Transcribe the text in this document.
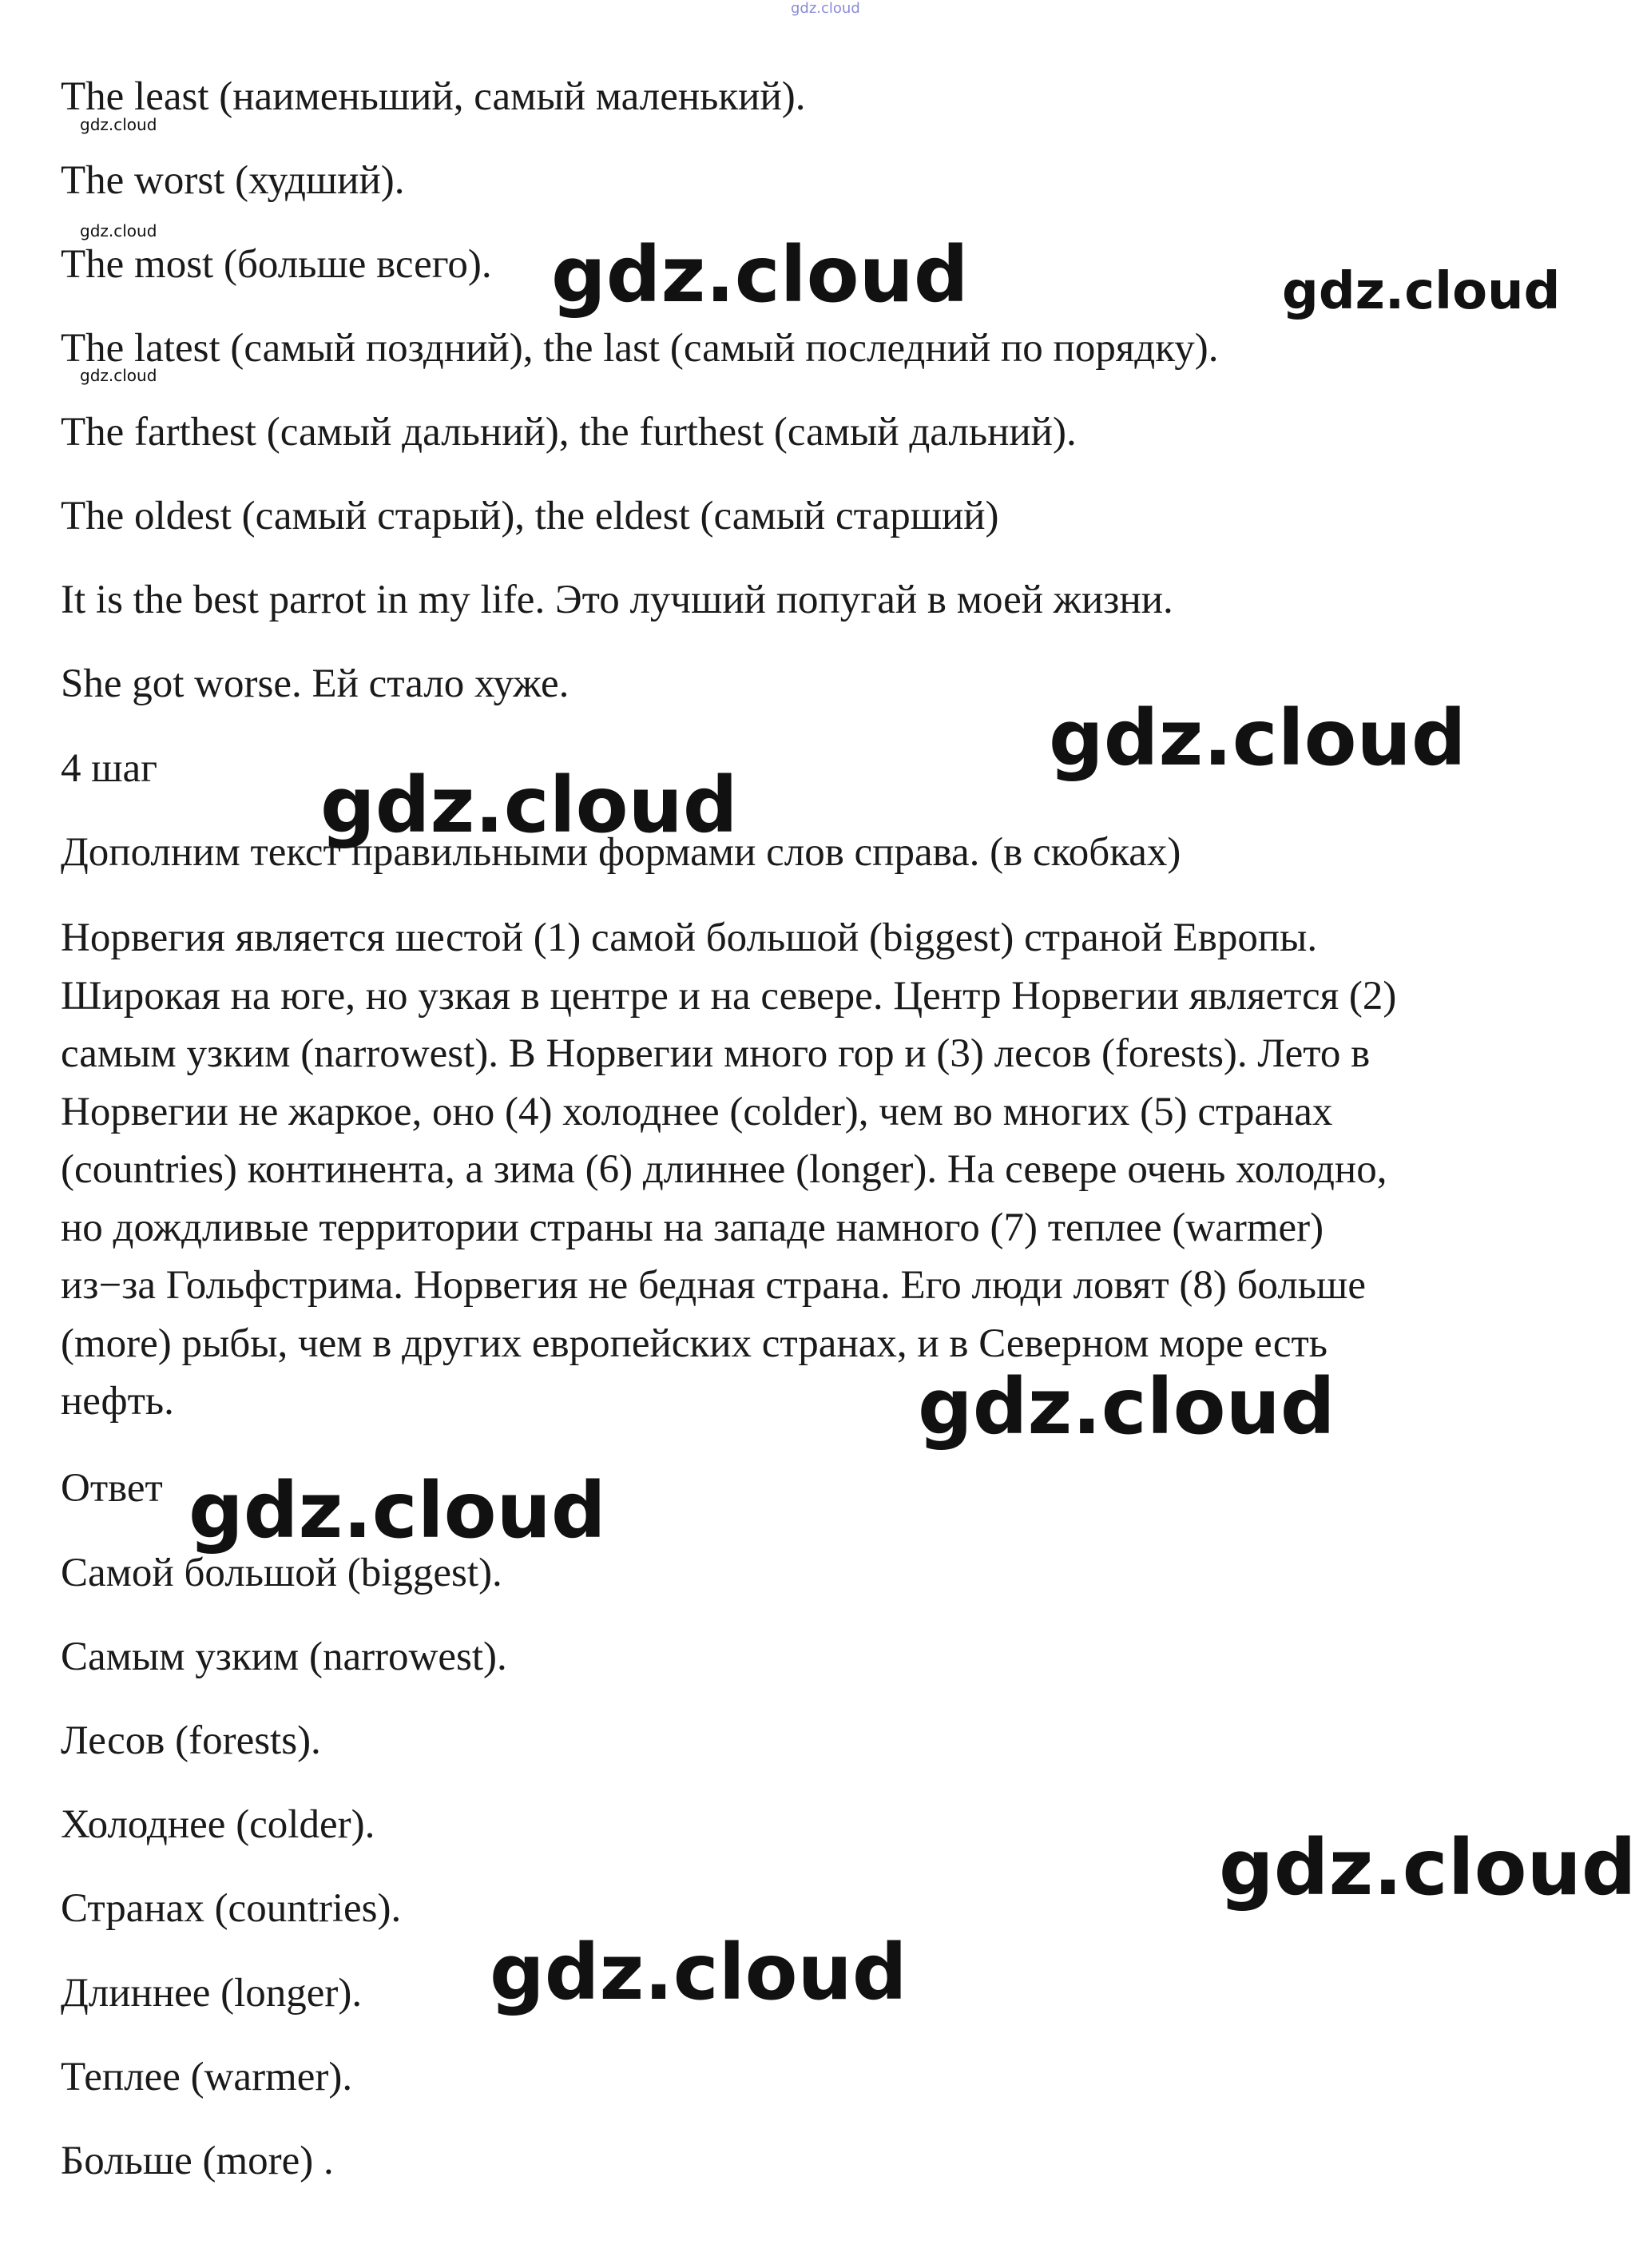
gdz.cloud
The least (наименьший, самый маленький).
The worst (худший).
The most (больше всего).
The latest (самый поздний), the last (самый последний по порядку).
The farthest (самый дальний), the furthest (самый дальний).
The oldest (самый старый), the eldest (самый старший)
It is the best parrot in my life. Это лучший попугай в моей жизни.
She got worse. Ей стало хуже.
4 шаг
Дополним текст правильными формами слов справа. (в скобках)
Норвегия является шестой (1) самой большой (biggest) страной Европы.
Широкая на юге, но узкая в центре и на севере. Центр Норвегии является (2)
самым узким (narrowest). В Норвегии много гор и (3) лесов (forests). Лето в
Норвегии не жаркое, оно (4) холоднее (colder), чем во многих (5) странах
(countries) континента, а зима (6) длиннее (longer). На севере очень холодно,
но дождливые территории страны на западе намного (7) теплее (warmer)
из−за Гольфстрима. Норвегия не бедная страна. Его люди ловят (8) больше
(more) рыбы, чем в других европейских странах, и в Северном море есть
нефть.
Ответ
Самой большой (biggest).
Самым узким (narrowest).
Лесов (forests).
Холоднее (colder).
Странах (countries).
Длиннее (longer).
Теплее (warmer).
Больше (more) .
gdz.cloud
gdz.cloud
gdz.cloud
gdz.cloud	gdz.cloud
gdz.cloud
gdz.cloud
gdz.cloud
gdz.cloud
gdz.cloud
gdz.cloud
